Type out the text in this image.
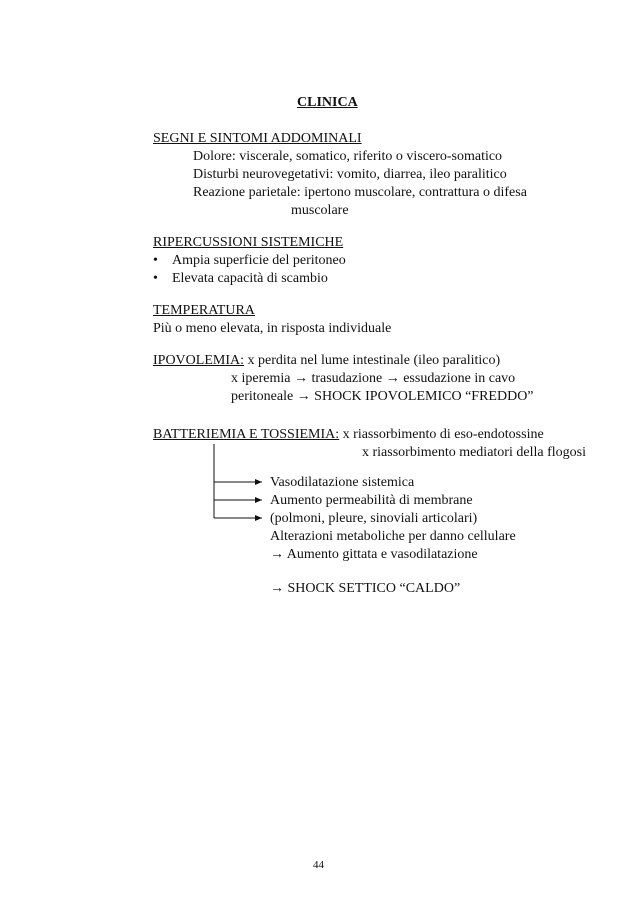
CLINICA
SEGNI E SINTOMI ADDOMINALI
Dolore: viscerale, somatico, riferito o viscero-somatico
Disturbi neurovegetativi: vomito, diarrea, ileo paralitico
Reazione parietale: ipertono muscolare, contrattura o difesa
muscolare
RIPERCUSSIONI SISTEMICHE
• Ampia superficie del peritoneo
• Elevata capacità di scambio
TEMPERATURA
Più o meno elevata, in risposta individuale
IPOVOLEMIA: x perdita nel lume intestinale (ileo paralitico)
x iperemia → trasudazione → essudazione in cavo
peritoneale → SHOCK IPOVOLEMICO “FREDDO”
BATTERIEMIA E TOSSIEMIA: x riassorbimento di eso-endotossine
x riassorbimento mediatori della flogosi
Vasodilatazione sistemica
Aumento permeabilità di membrane
(polmoni, pleure, sinoviali articolari)
Alterazioni metaboliche per danno cellulare
→ Aumento gittata e vasodilatazione
→ SHOCK SETTICO “CALDO”
44
